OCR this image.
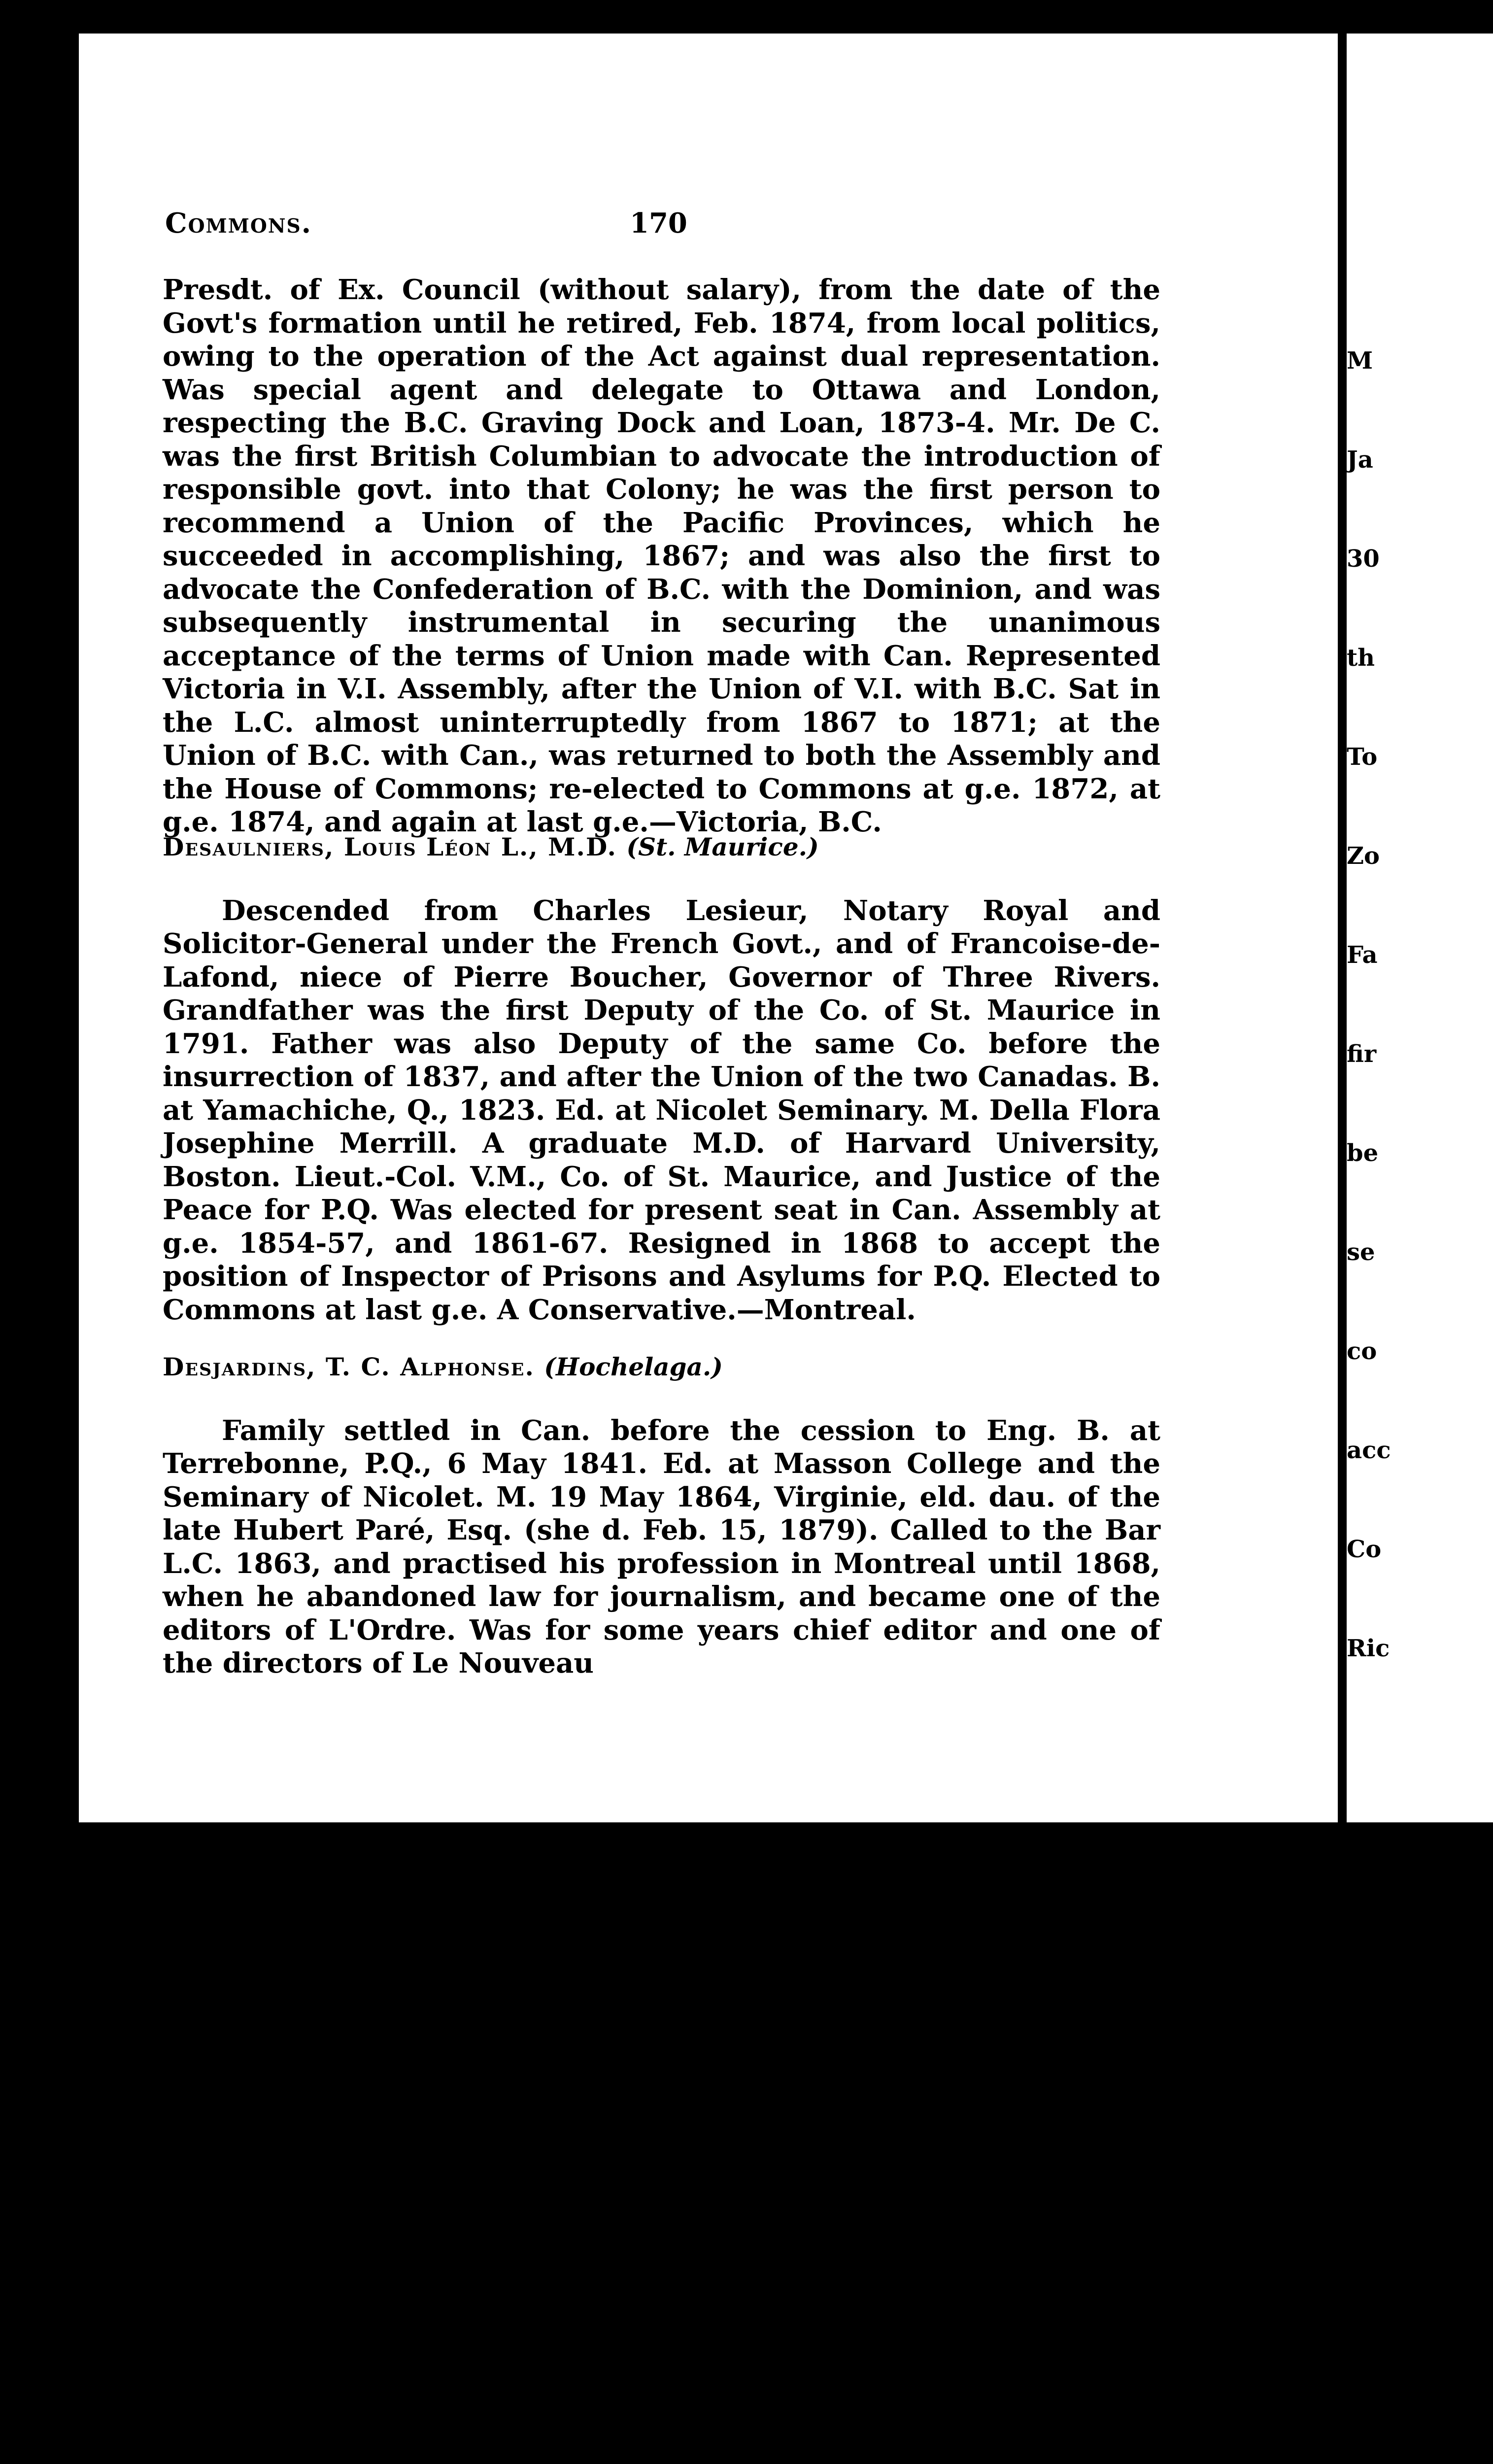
Commons.	170

Presdt. of Ex. Council (without salary), from the date of the Govt's formation until he retired, Feb. 1874, from local politics, owing to the operation of the Act against dual representation. Was special agent and delegate to Ottawa and London, respecting the B.C. Graving Dock and Loan, 1873-4. Mr. De C. was the first British Columbian to advocate the introduction of responsible govt. into that Colony; he was the first person to recommend a Union of the Pacific Provinces, which he succeeded in accomplishing, 1867; and was also the first to advocate the Confederation of B.C. with the Dominion, and was subsequently instrumental in securing the unanimous acceptance of the terms of Union made with Can. Represented Victoria in V.I. Assembly, after the Union of V.I. with B.C. Sat in the L.C. almost uninterruptedly from 1867 to 1871; at the Union of B.C. with Can., was returned to both the Assembly and the House of Commons; re-elected to Commons at g.e. 1872, at g.e. 1874, and again at last g.e.—Victoria, B.C.

Desaulniers, Louis Léon L., M.D. (St. Maurice.)

Descended from Charles Lesieur, Notary Royal and Solicitor-General under the French Govt., and of Francoise-de-Lafond, niece of Pierre Boucher, Governor of Three Rivers. Grandfather was the first Deputy of the Co. of St. Maurice in 1791. Father was also Deputy of the same Co. before the insurrection of 1837, and after the Union of the two Canadas. B. at Yamachiche, Q., 1823. Ed. at Nicolet Seminary. M. Della Flora Josephine Merrill. A graduate M.D. of Harvard University, Boston. Lieut.-Col. V.M., Co. of St. Maurice, and Justice of the Peace for P.Q. Was elected for present seat in Can. Assembly at g.e. 1854-57, and 1861-67. Resigned in 1868 to accept the position of Inspector of Prisons and Asylums for P.Q. Elected to Commons at last g.e. A Conservative.—Montreal.

Desjardins, T. C. Alphonse. (Hochelaga.)

Family settled in Can. before the cession to Eng. B. at Terrebonne, P.Q., 6 May 1841. Ed. at Masson College and the Seminary of Nicolet. M. 19 May 1864, Virginie, eld. dau. of the late Hubert Paré, Esq. (she d. Feb. 15, 1879). Called to the Bar L.C. 1863, and practised his profession in Montreal until 1868, when he abandoned law for journalism, and became one of the editors of L'Ordre. Was for some years chief editor and one of the directors of Le Nouveau

M

Ja

30

th

To

Zo

Fa

fir

be

se

co

acc

Co

Ric

Do

of

186

Joh

Cav
